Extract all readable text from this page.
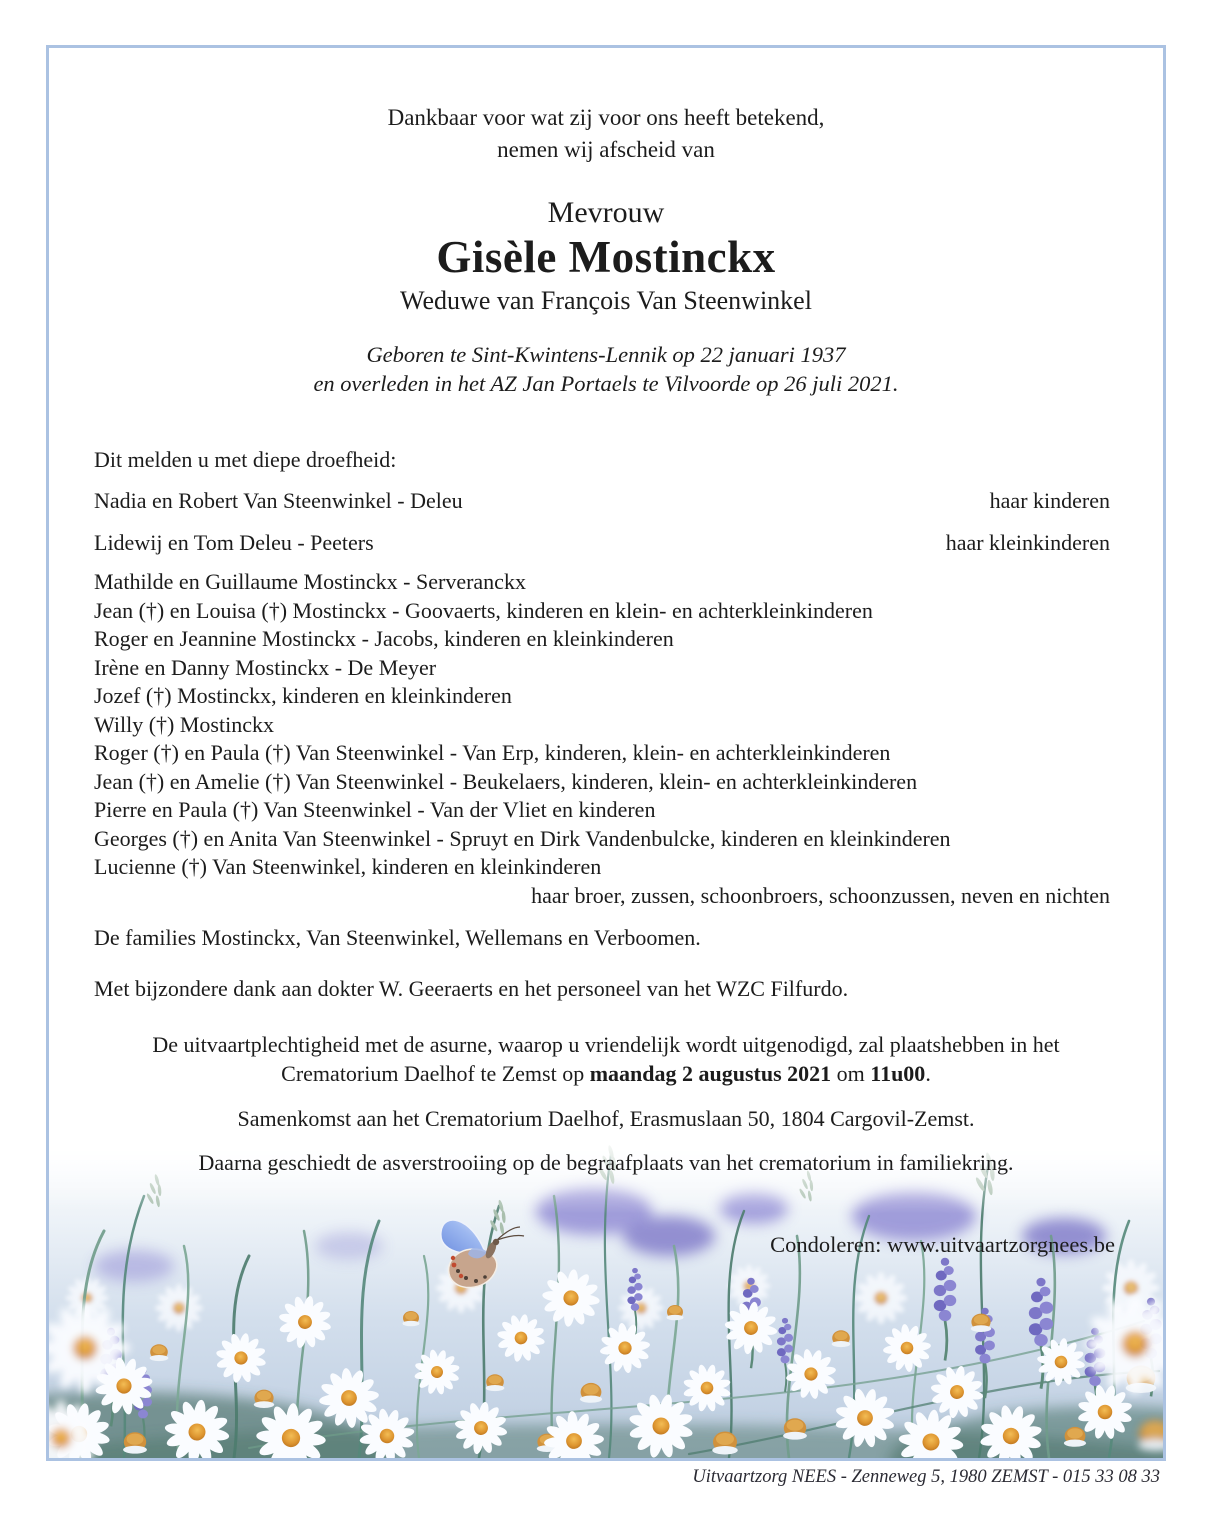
Dankbaar voor wat zij voor ons heeft betekend,
nemen wij afscheid van
Mevrouw
Gisèle Mostinckx
Weduwe van François Van Steenwinkel
Geboren te Sint-Kwintens-Lennik op 22 januari 1937
en overleden in het AZ Jan Portaels te Vilvoorde op 26 juli 2021.
Dit melden u met diepe droefheid:
Nadia en Robert Van Steenwinkel - Deleu	haar kinderen
Lidewij en Tom Deleu - Peeters	haar kleinkinderen
Mathilde en Guillaume Mostinckx - Serveranckx
Jean (†) en Louisa (†) Mostinckx - Goovaerts, kinderen en klein- en achterkleinkinderen
Roger en Jeannine Mostinckx - Jacobs, kinderen en kleinkinderen
Irène en Danny Mostinckx - De Meyer
Jozef (†) Mostinckx, kinderen en kleinkinderen
Willy (†) Mostinckx
Roger (†) en Paula (†) Van Steenwinkel - Van Erp, kinderen, klein- en achterkleinkinderen
Jean (†) en Amelie (†) Van Steenwinkel - Beukelaers, kinderen, klein- en achterkleinkinderen
Pierre en Paula (†) Van Steenwinkel - Van der Vliet en kinderen
Georges (†) en Anita Van Steenwinkel - Spruyt en Dirk Vandenbulcke, kinderen en kleinkinderen
Lucienne (†) Van Steenwinkel, kinderen en kleinkinderen
haar broer, zussen, schoonbroers, schoonzussen, neven en nichten
De families Mostinckx, Van Steenwinkel, Wellemans en Verboomen.
Met bijzondere dank aan dokter W. Geeraerts en het personeel van het WZC Filfurdo.
De uitvaartplechtigheid met de asurne, waarop u vriendelijk wordt uitgenodigd, zal plaatshebben in het
Crematorium Daelhof te Zemst op maandag 2 augustus 2021 om 11u00.
Samenkomst aan het Crematorium Daelhof, Erasmuslaan 50, 1804 Cargovil-Zemst.
Daarna geschiedt de asverstrooiing op de begraafplaats van het crematorium in familiekring.
Condoleren: www.uitvaartzorgnees.be
Uitvaartzorg NEES - Zenneweg 5, 1980 ZEMST - 015 33 08 33
